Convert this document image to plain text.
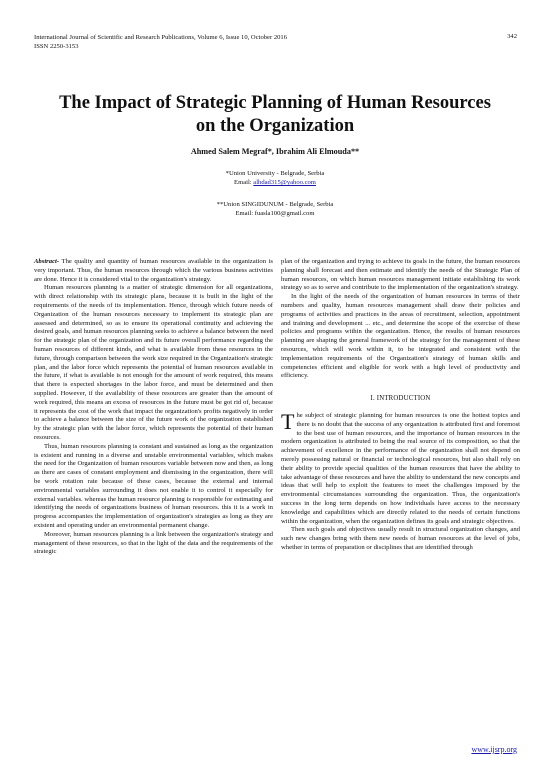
International Journal of Scientific and Research Publications, Volume 6, Issue 10, October 2016
ISSN 2250-3153
342
The Impact of Strategic Planning of Human Resources
on the Organization
Ahmed Salem Megraf*, Ibrahim Ali Elmouda**
*Union University - Belgrade, Serbia
Email: alhdad315@yahoo.com
**Union SINGIDUNUM - Belgrade, Serbia
Email: fuasla100@gmail.com

Abstract- The quality and quantity of human resources available in the organization is very important. Thus, the human resources through which the various business activities are done. Hence it is considered vital to the organization's strategy.

Human resources planning is a matter of strategic dimension for all organizations, with direct relationship with its strategic plans, because it is built in the light of the requirements of the needs of its implementation. Hence, through which future needs of Organization of the human resources necessary to implement its strategic plan are assessed and determined, so as to ensure its operational continuity and achieving the desired goals, and human resources planning seeks to achieve a balance between the need for the strategic plan of the organization and its future overall performance regarding the human resources of different kinds, and what is available from these resources in the future, through comparison between the work size required in the Organization's strategic plan, and the labor force which represents the potential of human resources available in the future, if what is available is not enough for the amount of work required, this means that there is expected shortages in the labor force, and must be determined and then supplied. However, if the availability of these resources are greater than the amount of work required, this means an excess of resources in the future must be got rid of, because it represents the cost of the work that impact the organization's profits negatively in order to achieve a balance between the size of the future work of the organization established by the strategic plan with the labor force, which represents the potential of their human resources.

Thus, human resources planning is constant and sustained as long as the organization is existent and running in a diverse and unstable environmental variables, which makes the need for the Organization of human resources variable between now and then, as long as there are cases of constant employment and dismissing in the organization, there will be work rotation rate because of these cases, because the external and internal environmental variables surrounding it does not enable it to control it especially for external variables. whereas the human resource planning is responsible for estimating and identifying the needs of organizations business of human resources. this it is a work in progress accompanies the implementation of organization's strategies as long as they are existent and operating under an environmental permanent change.

Moreover, human resources planning is a link between the organization's strategy and management of these resources, so that in the light of the data and the requirements of the strategic

plan of the organization and trying to achieve its goals in the future, the human resources planning shall forecast and then estimate and identify the needs of the Strategic Plan of human resources, on which human resources management initiate establishing its work strategy so as to serve and contribute to the implementation of the organization's strategy.

In the light of the needs of the organization of human resources in terms of their numbers and quality, human resources management shall draw their policies and programs of activities and practices in the areas of recruitment, selection, appointment and training and development ... etc., and determine the scope of the exercise of these policies and programs within the organization. Hence, the results of human resources planning are shaping the general framework of the strategy for the management of these resources, which will work within it, to be integrated and consistent with the implementation requirements of the Organization's strategy of human skills and competencies efficient and eligible for work with a high level of productivity and efficiency.

I. INTRODUCTION

The subject of strategic planning for human resources is one the hottest topics and there is no doubt that the success of any organization is attributed first and foremost to the best use of human resources, and the importance of human resources in the modern organization is attributed to being the real source of its composition, so that the achievement of excellence in the performance of the organization shall not depend on merely possessing natural or financial or technological resources, but also shall rely on their ability to provide special qualities of the human resources that have the ability to take advantage of these resources and have the ability to understand the new concepts and ideas that will help to exploit the features to meet the challenges imposed by the environmental circumstances surrounding the organization. Thus, the organization's success in the long term depends on how individuals have access to the necessary knowledge and capabilities which are directly related to the needs of certain functions within the organization, when the organization defines its goals and strategic objectives.

Then such goals and objectives usually result in structural organization changes, and such new changes bring with them new needs of human resources at the level of jobs, whether in terms of preparation or disciplines that are identified through

www.ijsrp.org
